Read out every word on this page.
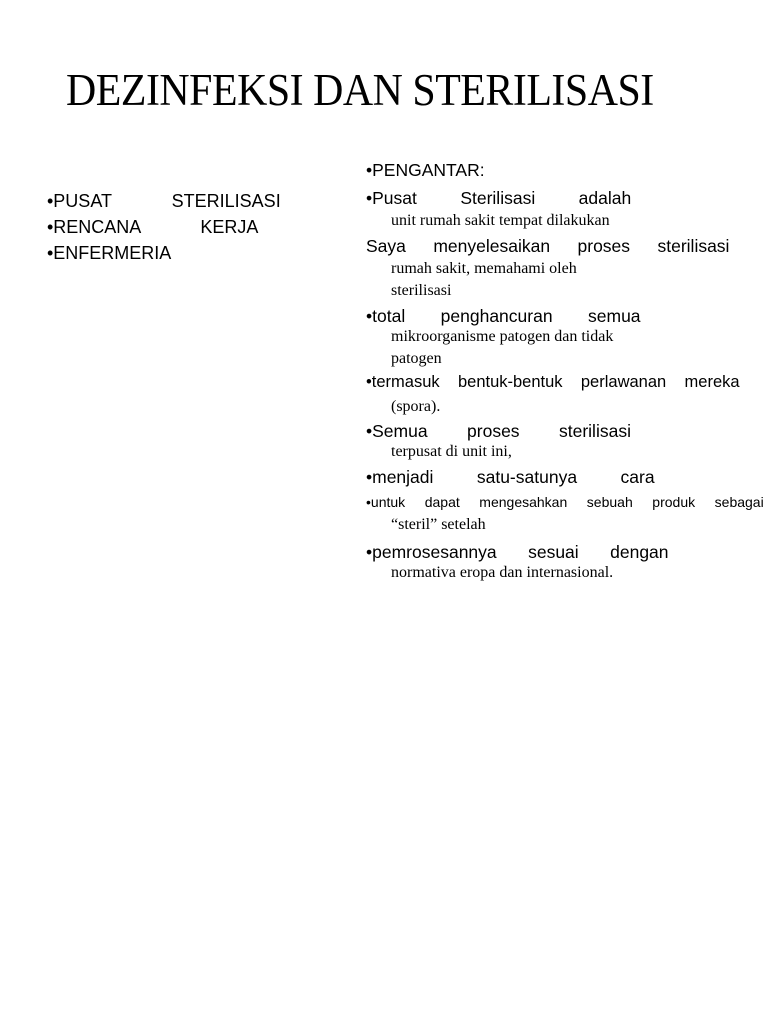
DEZINFEKSI DAN STERILISASI
•PUSAT    STERILISASI
•RENCANA    KERJA
•ENFERMERIA
•PENGANTAR:
•Pusat    Sterilisasi    adalah
unit rumah sakit tempat dilakukan
Saya    menyelesaikan    proses    sterilisasi
rumah sakit, memahami oleh
sterilisasi
•total    penghancuran    semua
mikroorganisme patogen dan tidak
patogen
•termasuk    bentuk-bentuk    perlawanan    mereka
(spora).
•Semua    proses    sterilisasi
terpusat di unit ini,
•menjadi    satu-satunya    cara
•untuk    dapat    mengesahkan    sebuah    produk    sebagai
“steril” setelah
•pemrosesannya    sesuai    dengan
normativa eropa dan internasional.
